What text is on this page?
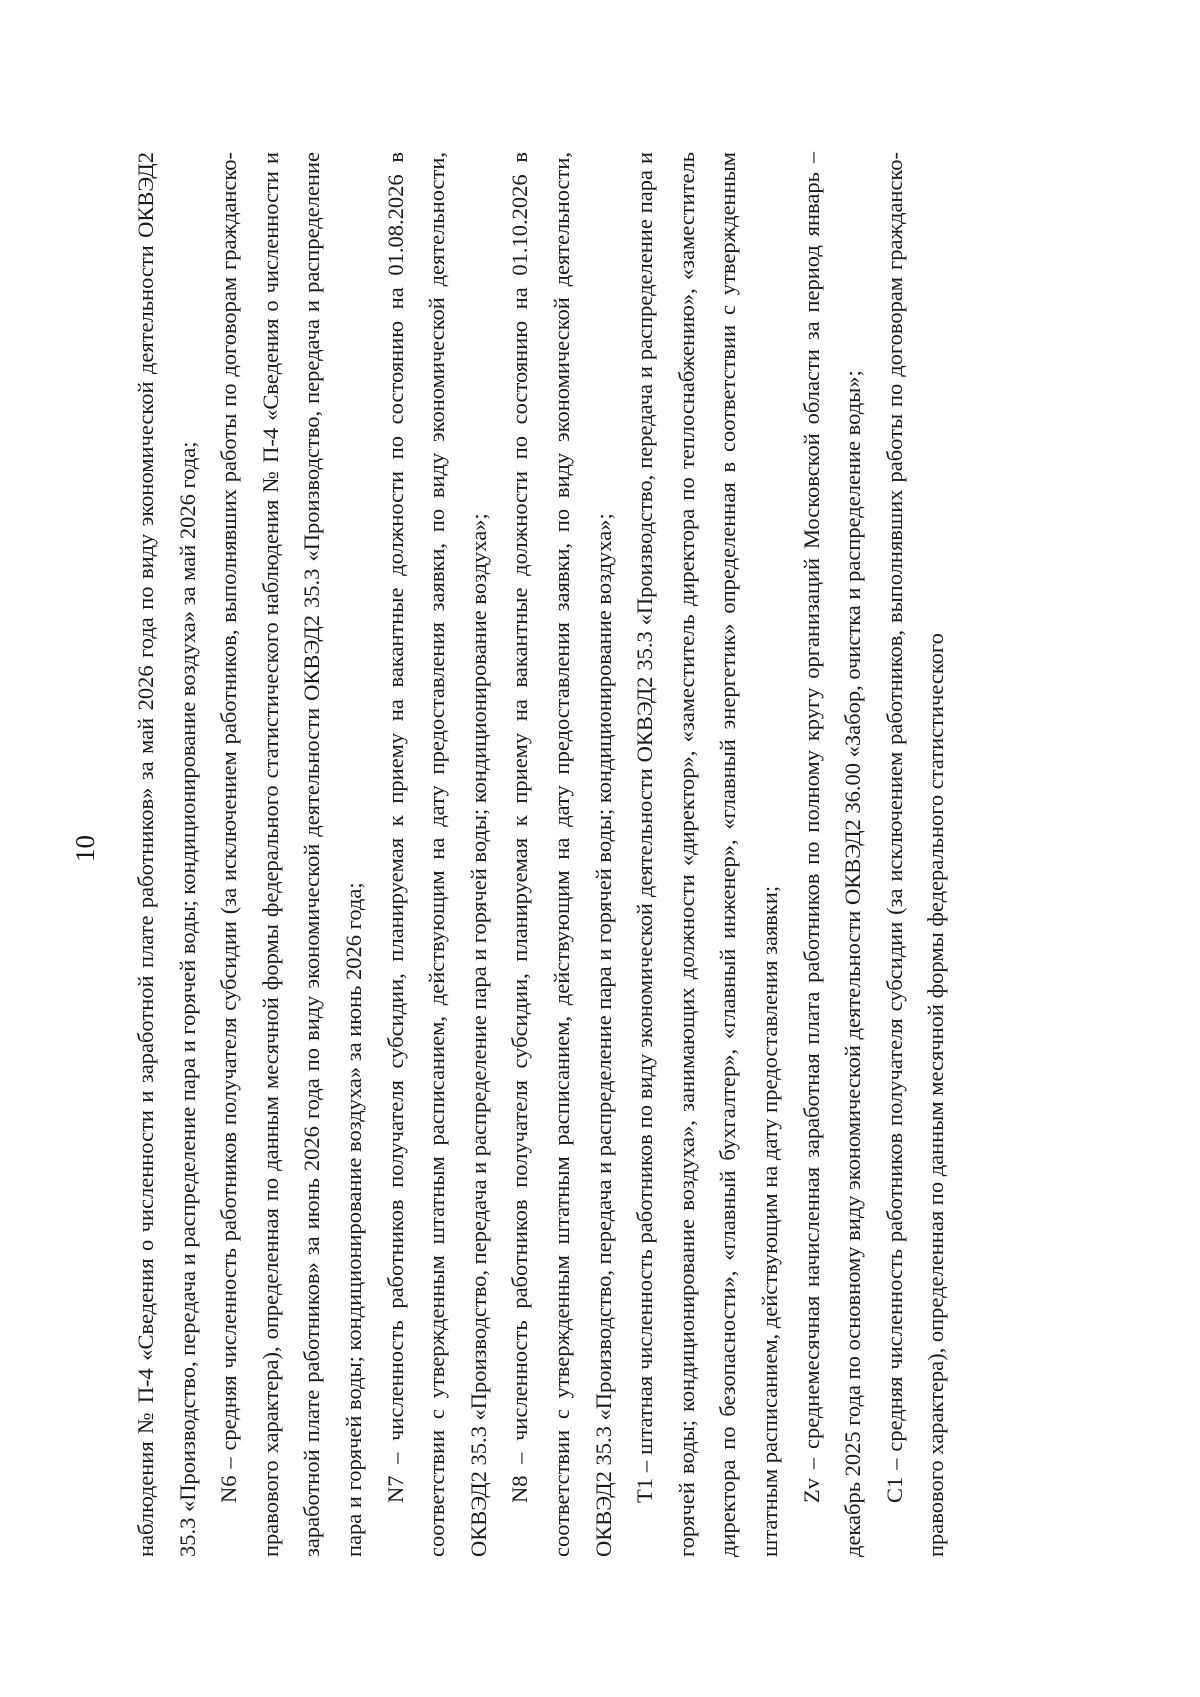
10	наблюдения № П-4 «Сведения о численности и заработной плате работников» за май 2026 года по виду экономической деятельности ОКВЭД2 35.3 «Производство, передача и распределение пара и горячей воды; кондиционирование воздуха» за май 2026 года; N6 – средняя численность работников получателя субсидии (за исключением работников, выполнявших работы по договорам гражданско-правового характера), определенная по данным месячной формы федерального статистического наблюдения № П-4 «Сведения о численности и заработной плате работников» за июнь 2026 года по виду экономической деятельности ОКВЭД2 35.3 «Производство, передача и распределение пара и горячей воды; кондиционирование воздуха» за июнь 2026 года; N7 – численность работников получателя субсидии, планируемая к приему на вакантные должности по состоянию на 01.08.2026 в соответствии с утвержденным штатным расписанием, действующим на дату предоставления заявки, по виду экономической деятельности, ОКВЭД2 35.3 «Производство, передача и распределение пара и горячей воды; кондиционирование воздуха»; N8 – численность работников получателя субсидии, планируемая к приему на вакантные должности по состоянию на 01.10.2026 в соответствии с утвержденным штатным расписанием, действующим на дату предоставления заявки, по виду экономической деятельности, ОКВЭД2 35.3 «Производство, передача и распределение пара и горячей воды; кондиционирование воздуха»; T1 – штатная численность работников по виду экономической деятельности ОКВЭД2 35.3 «Производство, передача и распределение пара и горячей воды; кондиционирование воздуха», занимающих должности «директор», «заместитель директора по теплоснабжению», «заместитель директора по безопасности», «главный бухгалтер», «главный инженер», «главный энергетик» определенная в соответствии с утвержденным штатным расписанием, действующим на дату предоставления заявки; Zv – среднемесячная начисленная заработная плата работников по полному кругу организаций Московской области за период январь – декабрь 2025 года по основному виду экономической деятельности ОКВЭД2 36.00 «Забор, очистка и распределение воды»; C1 – средняя численность работников получателя субсидии (за исключением работников, выполнявших работы по договорам гражданско-правового характера), определенная по данным месячной формы федерального статистического
